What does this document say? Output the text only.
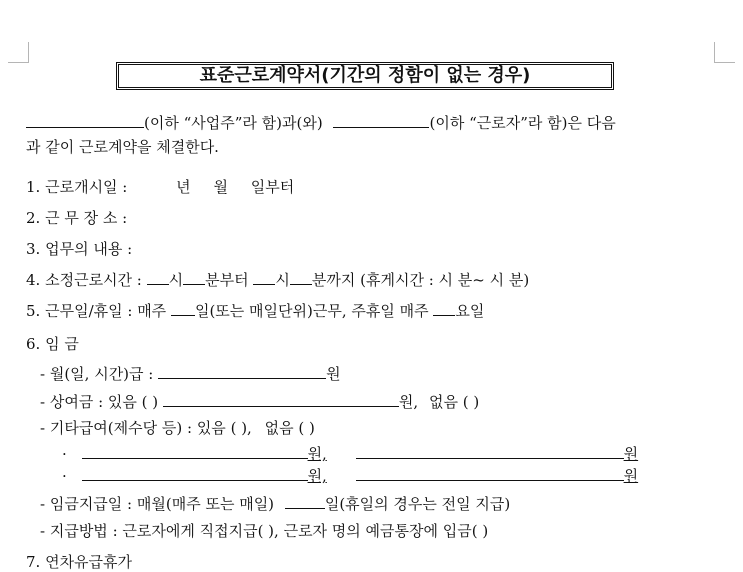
표준근로계약서(기간의 정함이 없는 경우)
(이하 “사업주”라 함)과(와)	(이하 “근로자”라 함)은 다음
과 같이 근로계약을 체결한다.
1. 근로개시일 :	년 월 일부터
2. 근 무 장 소 :
3. 업무의 내용 :
4. 소정근로시간 : 시 분부터 시 분까지 (휴게시간 : 시 분~ 시 분)
5. 근무일/휴일 : 매주 일(또는 매일단위)근무, 주휴일 매주 요일
6. 임 금
- 월(일, 시간)급 :	원
- 상여금 : 있음 ( )	원, 없음 ( )
- 기타급여(제수당 등) : 있음 ( ), 없음 ( )
·	원,	원
·	원,	원
- 임금지급일 : 매월(매주 또는 매일)	일(휴일의 경우는 전일 지급)
- 지급방법 : 근로자에게 직접지급( ), 근로자 명의 예금통장에 입금( )
7. 연차유급휴가
